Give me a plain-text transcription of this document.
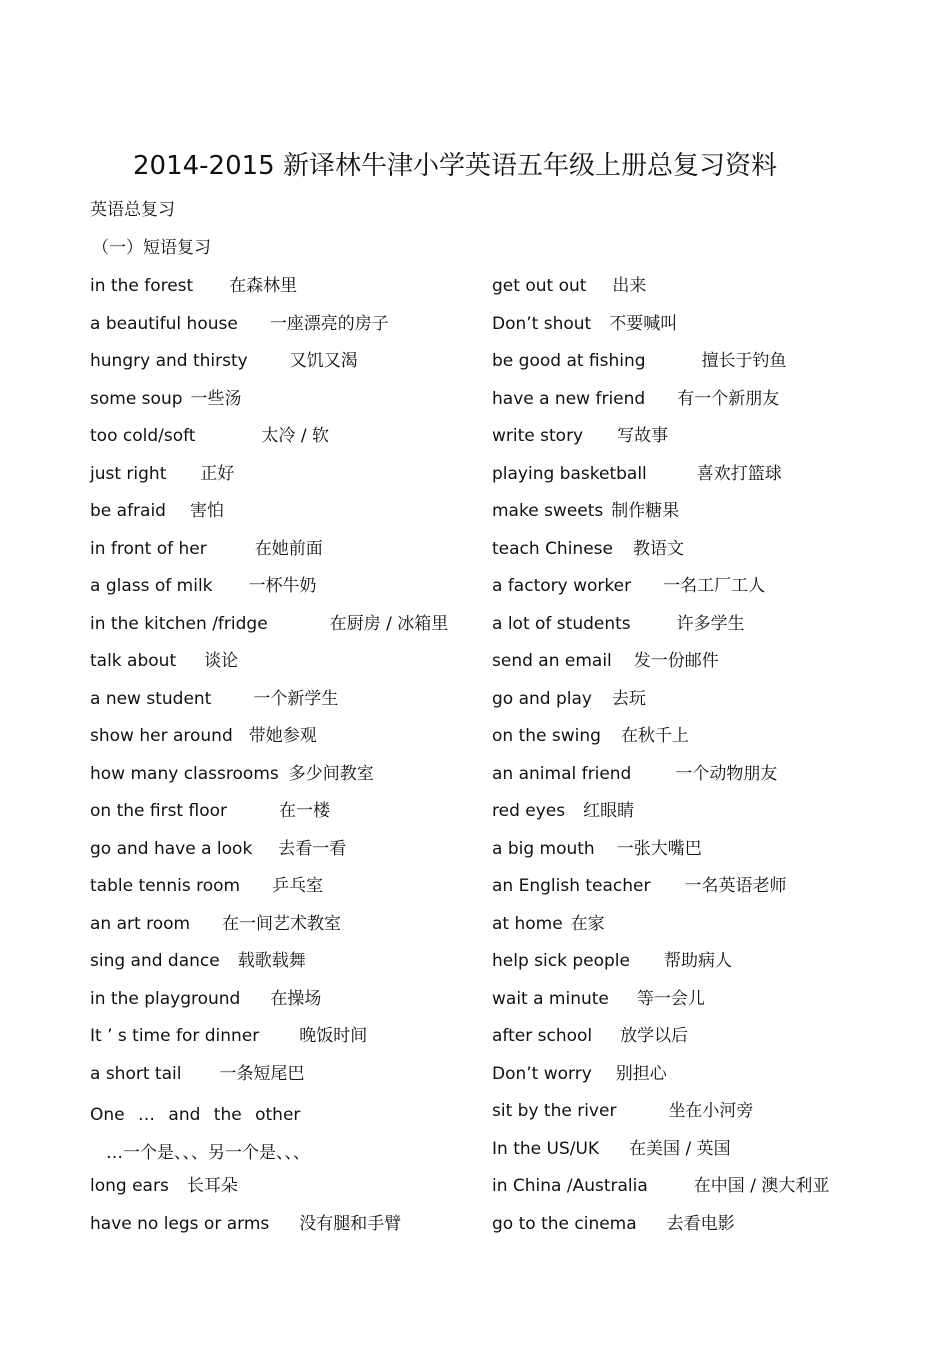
2014-2015 新译林牛津小学英语五年级上册总复习资料
英语总复习
（一）短语复习
in the forest 在森林里
a beautiful house 一座漂亮的房子
hungry and thirsty 又饥又渴
some soup 一些汤
too cold/soft	太冷 / 软
just right 正好
be afraid 害怕
in front of her	在她前面
a glass of milk 一杯牛奶
in the kitchen /fridge	在厨房 / 冰箱里
talk about 谈论
a new student 一个新学生
show her around 带她参观
how many classrooms 多少间教室
on the first floor	在一楼
go and have a look 去看一看
table tennis room 乒乓室
an art room 在一间艺术教室
sing and dance 载歌载舞
in the playground 在操场
It ’ s time for dinner 晚饭时间
a short tail 一条短尾巴
One … and the other…一个是、、、另一个是、、、
long ears 长耳朵
have no legs or arms 没有腿和手臂
get out out 出来
Don’t shout 不要喊叫
be good at fishing	擅长于钓鱼
have a new friend 有一个新朋友
write story 写故事
playing basketball	喜欢打篮球
make sweets 制作糖果
teach Chinese 教语文
a factory worker 一名工厂工人
a lot of students	许多学生
send an email 发一份邮件
go and play 去玩
on the swing 在秋千上
an animal friend	一个动物朋友
red eyes 红眼睛
a big mouth 一张大嘴巴
an English teacher 一名英语老师
at home 在家
help sick people 帮助病人
wait a minute 等一会儿
after school 放学以后
Don’t worry 别担心
sit by the river	坐在小河旁
In the US/UK 在美国 / 英国
in China /Australia	在中国 / 澳大利亚
go to the cinema 去看电影
